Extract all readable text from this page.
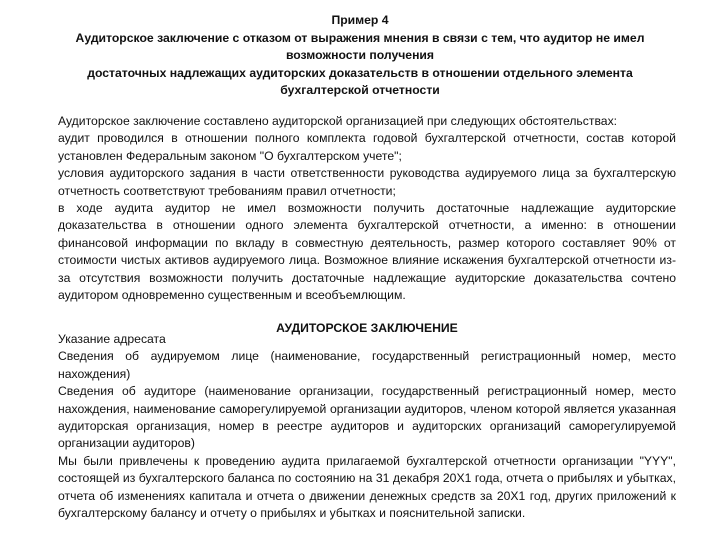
Пример 4
Аудиторское заключение с отказом от выражения мнения в связи с тем, что аудитор не имел
возможности получения
достаточных надлежащих аудиторских доказательств в отношении отдельного элемента
бухгалтерской отчетности

Аудиторское заключение составлено аудиторской организацией при следующих обстоятельствах:

аудит проводился в отношении полного комплекта годовой бухгалтерской отчетности, состав которой установлен Федеральным законом "О бухгалтерском учете";

условия аудиторского задания в части ответственности руководства аудируемого лица за бухгалтерскую отчетность соответствуют требованиям правил отчетности;

в ходе аудита аудитор не имел возможности получить достаточные надлежащие аудиторские доказательства в отношении одного элемента бухгалтерской отчетности, а именно: в отношении финансовой информации по вкладу в совместную деятельность, размер которого составляет 90% от стоимости чистых активов аудируемого лица. Возможное влияние искажения бухгалтерской отчетности из-за отсутствия возможности получить достаточные надлежащие аудиторские доказательства сочтено аудитором одновременно существенным и всеобъемлющим.

АУДИТОРСКОЕ ЗАКЛЮЧЕНИЕ

Указание адресата

Сведения об аудируемом лице (наименование, государственный регистрационный номер, место нахождения)

Сведения об аудиторе (наименование организации, государственный регистрационный номер, место нахождения, наименование саморегулируемой организации аудиторов, членом которой является указанная аудиторская организация, номер в реестре аудиторов и аудиторских организаций саморегулируемой организации аудиторов)

Мы были привлечены к проведению аудита прилагаемой бухгалтерской отчетности организации "YYY", состоящей из бухгалтерского баланса по состоянию на 31 декабря 20Х1 года, отчета о прибылях и убытках, отчета об изменениях капитала и отчета о движении денежных средств за 20Х1 год, других приложений к бухгалтерскому балансу и отчету о прибылях и убытках и пояснительной записки.
